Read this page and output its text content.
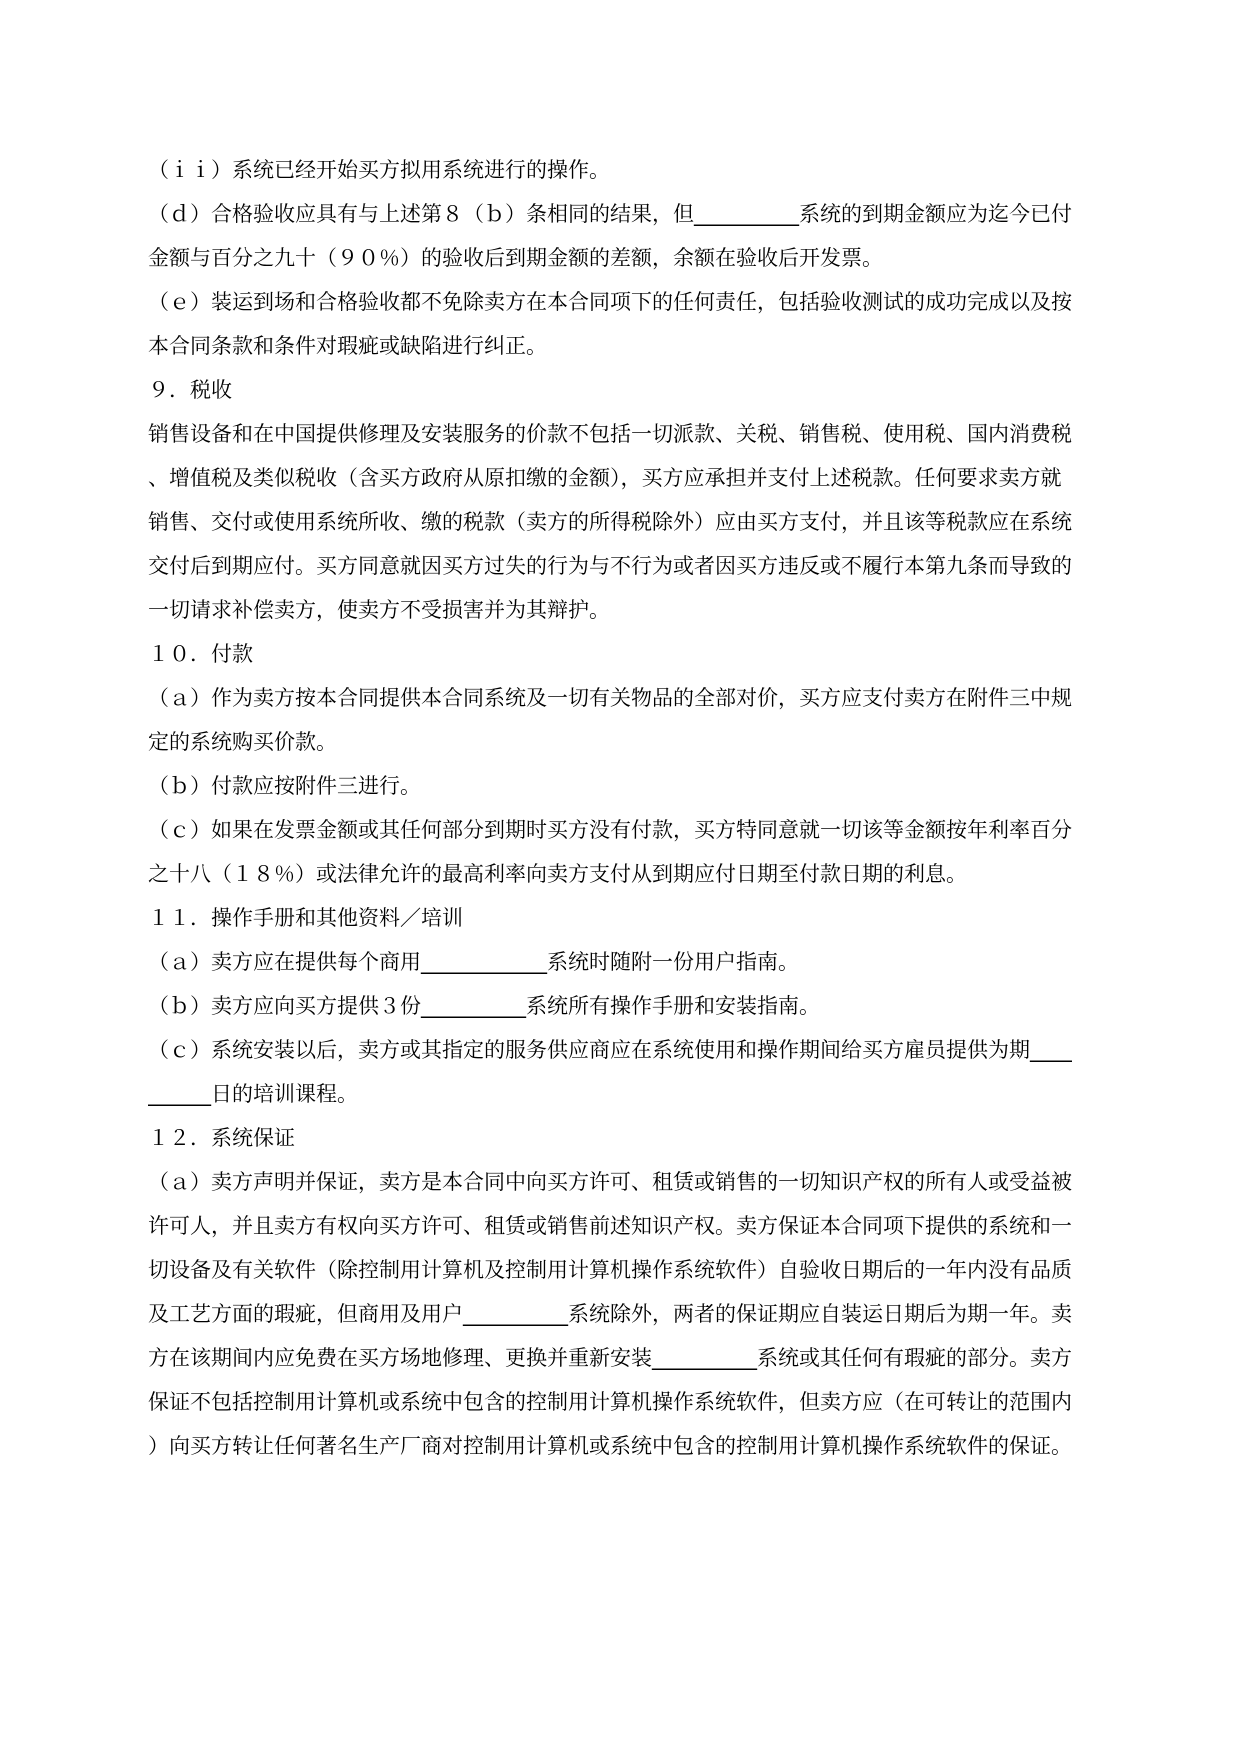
（ｉｉ）系统已经开始买方拟用系统进行的操作。
（ｄ）合格验收应具有与上述第８（ｂ）条相同的结果，但__________系统的到期金额应为迄今已付
金额与百分之九十（９０％）的验收后到期金额的差额，余额在验收后开发票。
（ｅ）装运到场和合格验收都不免除卖方在本合同项下的任何责任，包括验收测试的成功完成以及按
本合同条款和条件对瑕疵或缺陷进行纠正。
９．税收
销售设备和在中国提供修理及安装服务的价款不包括一切派款、关税、销售税、使用税、国内消费税
、增值税及类似税收（含买方政府从原扣缴的金额），买方应承担并支付上述税款。任何要求卖方就
销售、交付或使用系统所收、缴的税款（卖方的所得税除外）应由买方支付，并且该等税款应在系统
交付后到期应付。买方同意就因买方过失的行为与不行为或者因买方违反或不履行本第九条而导致的
一切请求补偿卖方，使卖方不受损害并为其辩护。
１０．付款
（ａ）作为卖方按本合同提供本合同系统及一切有关物品的全部对价，买方应支付卖方在附件三中规
定的系统购买价款。
（ｂ）付款应按附件三进行。
（ｃ）如果在发票金额或其任何部分到期时买方没有付款，买方特同意就一切该等金额按年利率百分
之十八（１８％）或法律允许的最高利率向卖方支付从到期应付日期至付款日期的利息。
１１．操作手册和其他资料／培训
（ａ）卖方应在提供每个商用____________系统时随附一份用户指南。
（ｂ）卖方应向买方提供３份__________系统所有操作手册和安装指南。
（ｃ）系统安装以后，卖方或其指定的服务供应商应在系统使用和操作期间给买方雇员提供为期____
______日的培训课程。
１２．系统保证
（ａ）卖方声明并保证，卖方是本合同中向买方许可、租赁或销售的一切知识产权的所有人或受益被
许可人，并且卖方有权向买方许可、租赁或销售前述知识产权。卖方保证本合同项下提供的系统和一
切设备及有关软件（除控制用计算机及控制用计算机操作系统软件）自验收日期后的一年内没有品质
及工艺方面的瑕疵，但商用及用户__________系统除外，两者的保证期应自装运日期后为期一年。卖
方在该期间内应免费在买方场地修理、更换并重新安装__________系统或其任何有瑕疵的部分。卖方
保证不包括控制用计算机或系统中包含的控制用计算机操作系统软件，但卖方应（在可转让的范围内
）向买方转让任何著名生产厂商对控制用计算机或系统中包含的控制用计算机操作系统软件的保证。
